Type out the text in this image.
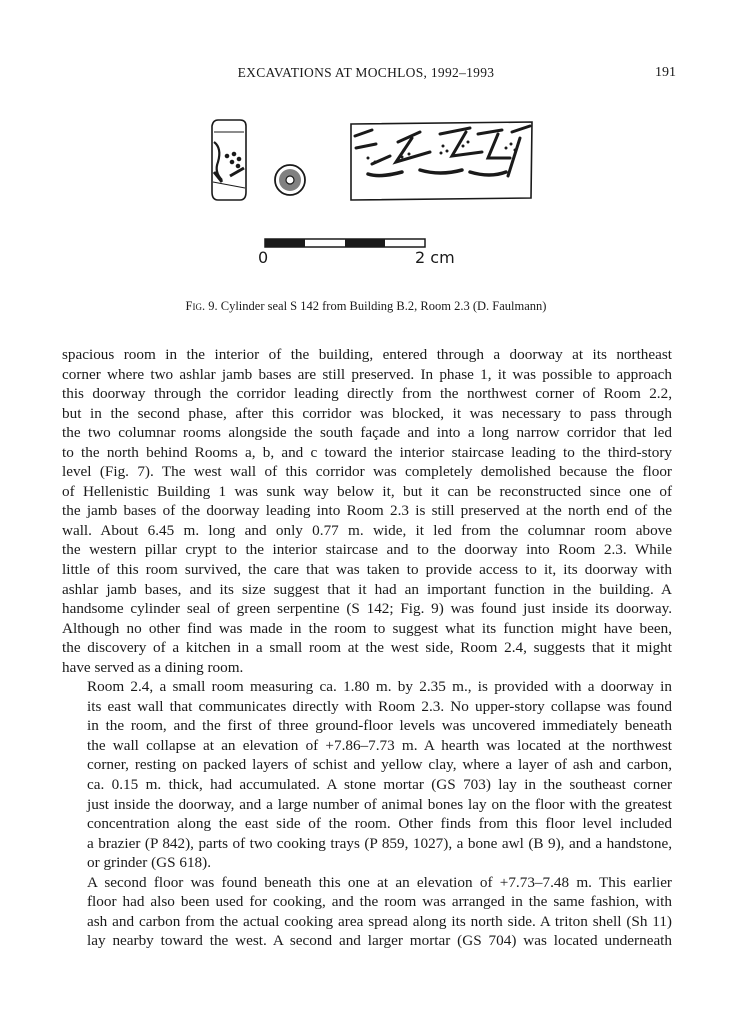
EXCAVATIONS AT MOCHLOS, 1992–1993	191
0	2 cm
Fig. 9. Cylinder seal S 142 from Building B.2, Room 2.3 (D. Faulmann)

spacious room in the interior of the building, entered through a doorway at its northeast
corner where two ashlar jamb bases are still preserved. In phase 1, it was possible to approach
this doorway through the corridor leading directly from the northwest corner of Room 2.2,
but in the second phase, after this corridor was blocked, it was necessary to pass through
the two columnar rooms alongside the south façade and into a long narrow corridor that led
to the north behind Rooms a, b, and c toward the interior staircase leading to the third-story
level (Fig. 7). The west wall of this corridor was completely demolished because the floor
of Hellenistic Building 1 was sunk way below it, but it can be reconstructed since one of
the jamb bases of the doorway leading into Room 2.3 is still preserved at the north end of the
wall. About 6.45 m. long and only 0.77 m. wide, it led from the columnar room above
the western pillar crypt to the interior staircase and to the doorway into Room 2.3. While
little of this room survived, the care that was taken to provide access to it, its doorway with
ashlar jamb bases, and its size suggest that it had an important function in the building. A
handsome cylinder seal of green serpentine (S 142; Fig. 9) was found just inside its doorway.
Although no other find was made in the room to suggest what its function might have been,
the discovery of a kitchen in a small room at the west side, Room 2.4, suggests that it might
have served as a dining room.

Room 2.4, a small room measuring ca. 1.80 m. by 2.35 m., is provided with a doorway in
its east wall that communicates directly with Room 2.3. No upper-story collapse was found
in the room, and the first of three ground-floor levels was uncovered immediately beneath
the wall collapse at an elevation of +7.86–7.73 m. A hearth was located at the northwest
corner, resting on packed layers of schist and yellow clay, where a layer of ash and carbon,
ca. 0.15 m. thick, had accumulated. A stone mortar (GS 703) lay in the southeast corner
just inside the doorway, and a large number of animal bones lay on the floor with the greatest
concentration along the east side of the room. Other finds from this floor level included
a brazier (P 842), parts of two cooking trays (P 859, 1027), a bone awl (B 9), and a handstone,
or grinder (GS 618).

A second floor was found beneath this one at an elevation of +7.73–7.48 m. This earlier
floor had also been used for cooking, and the room was arranged in the same fashion, with
ash and carbon from the actual cooking area spread along its north side. A triton shell (Sh 11)
lay nearby toward the west. A second and larger mortar (GS 704) was located underneath
